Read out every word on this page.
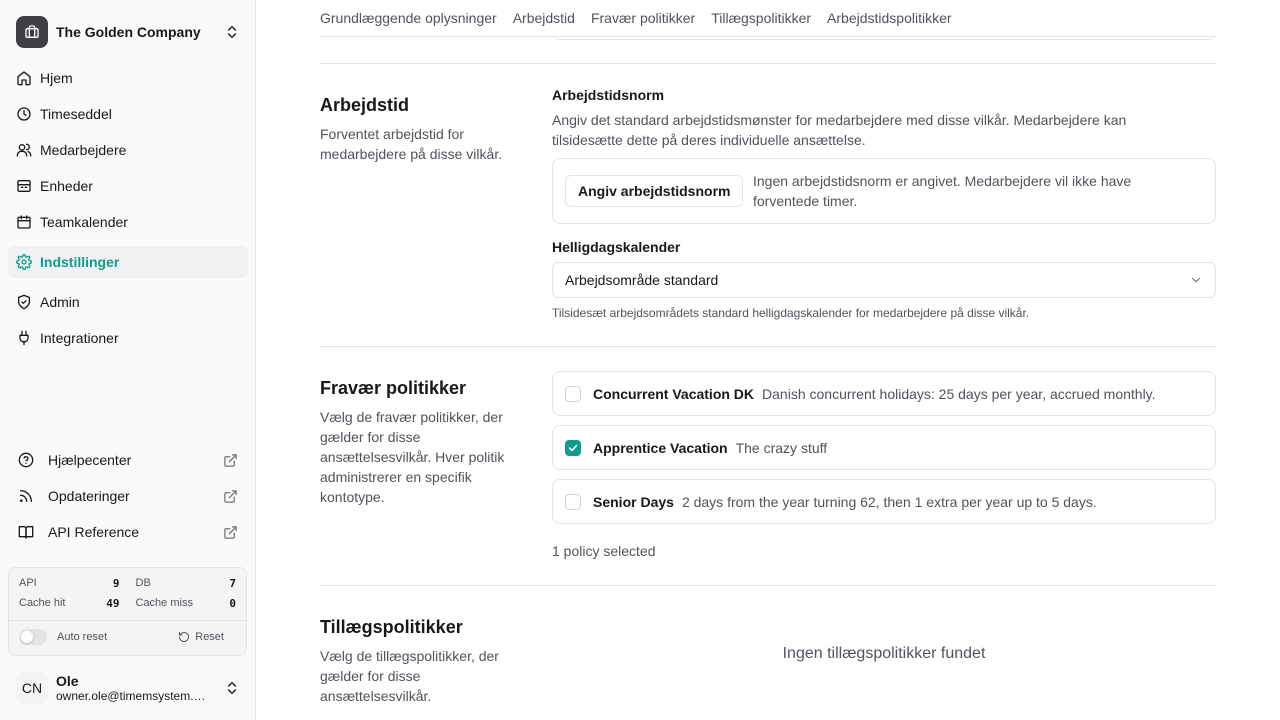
The Golden Company
Hjem
Timeseddel
Medarbejdere
Enheder
Teamkalender
Indstillinger
Admin
Integrationer
Hjælpecenter
Opdateringer
API Reference
API	9 DB	7
Cache hit	49 Cache miss	0
Auto reset	Reset
CN Ole
owner.ole@timemsystem.…
Grundlæggende oplysninger Arbejdstid Fravær politikker Tillægspolitikker Arbejdstidspolitikker
Arbejdstid

Forventet arbejdstid for medarbejdere på disse vilkår.

Arbejdstidsnorm

Angiv det standard arbejdstidsmønster for medarbejdere med disse vilkår. Medarbejdere kan tilsidesætte dette på deres individuelle ansættelse.

Angiv arbejdstidsnorm

Ingen arbejdstidsnorm er angivet. Medarbejdere vil ikke have forventede timer.

Helligdagskalender
Arbejdsområde standard

Tilsidesæt arbejdsområdets standard helligdagskalender for medarbejdere på disse vilkår.

Fravær politikker

Vælg de fravær politikker, der gælder for disse ansættelsesvilkår. Hver politik administrerer en specifik kontotype.

Concurrent Vacation DK Danish concurrent holidays: 25 days per year, accrued monthly.
Apprentice Vacation The crazy stuff
Senior Days 2 days from the year turning 62, then 1 extra per year up to 5 days.
1 policy selected
Tillægspolitikker

Vælg de tillægspolitikker, der gælder for disse ansættelsesvilkår.

Ingen tillægspolitikker fundet
